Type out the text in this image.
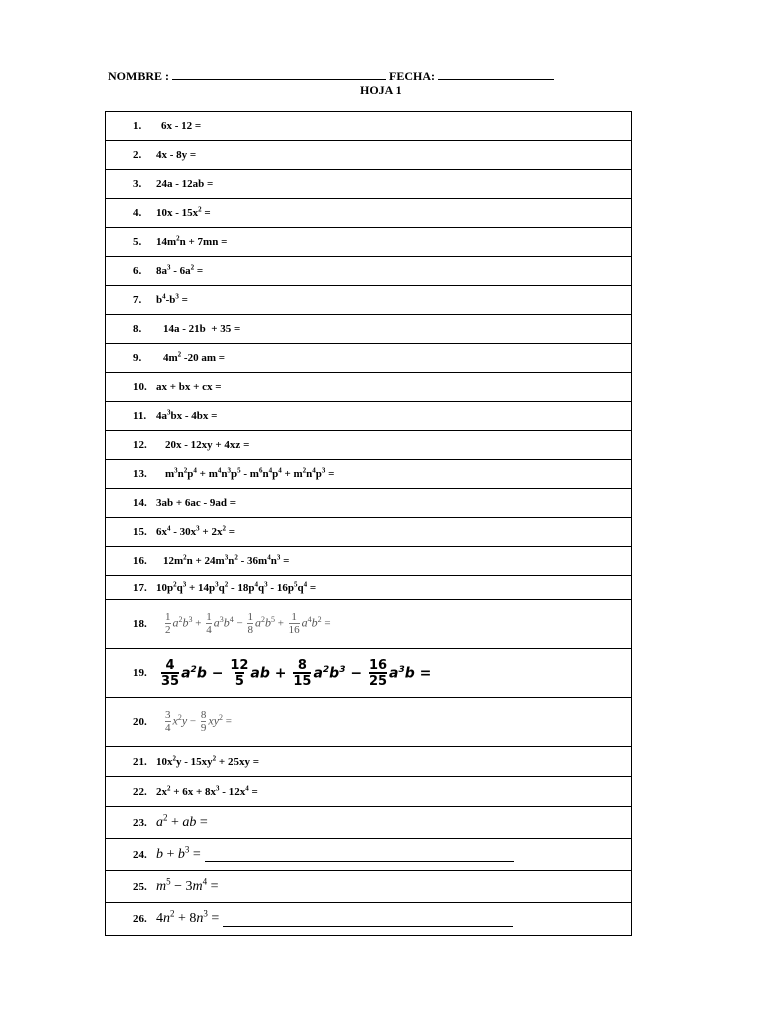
NOMBRE :	FECHA:
HOJA 1
1.	6x - 12 =
2.	4x - 8y =
3.	24a - 12ab =
4.	$10x - 15x^2$ =
5.	$14m^2n + 7mn$ =
6.	$8a^3 - 6a^2$ =
7.	$b^4-b^3$ =
8.	14a - 21b  + 35 =
9.	$4m^2$ -20 am =
10. ax + bx + cx =
11. $4a^3bx - 4bx$ =
12.	20x - 12xy + 4xz =
13.	$m^3n^2p^4 + m^4n^3p^5 - m^6n^4p^4 + m^2n^4p^3$ =
14. 3ab + 6ac - 9ad =
15. $6x^4 - 30x^3 + 2x^2$ =
16.	$12m^2n + 24m^3n^2 - 36m^4n^3$ =
17. $10p^2q^3 + 14p^3q^2 - 18p^4q^3 - 16p^5q^4$ =
18.	$\frac{1}{2} a^2b^3 + \frac{1}{4} a^3b^4 - \frac{1}{8} a^2b^5 + \frac{1}{16} a^4b^2$ =
19.	$\frac{4}{35} a^2b - \frac{12}{5}$ ab + $\frac{8}{15} a^2b^3 - \frac{16}{25} a^3b$ =
20.	$\frac{3}{4} x^2y - \frac{8}{9} xy^2$ =
21. $10x^2y - 15xy^2 + 25xy$ =
22. $2x^2 + 6x + 8x^3 - 12x^4$ =
23. $a^2$ + ab =
24. $b + b^3$ =
25. $m^5 - 3m^4$ =
26. $4n^2 + 8n^3$ =
